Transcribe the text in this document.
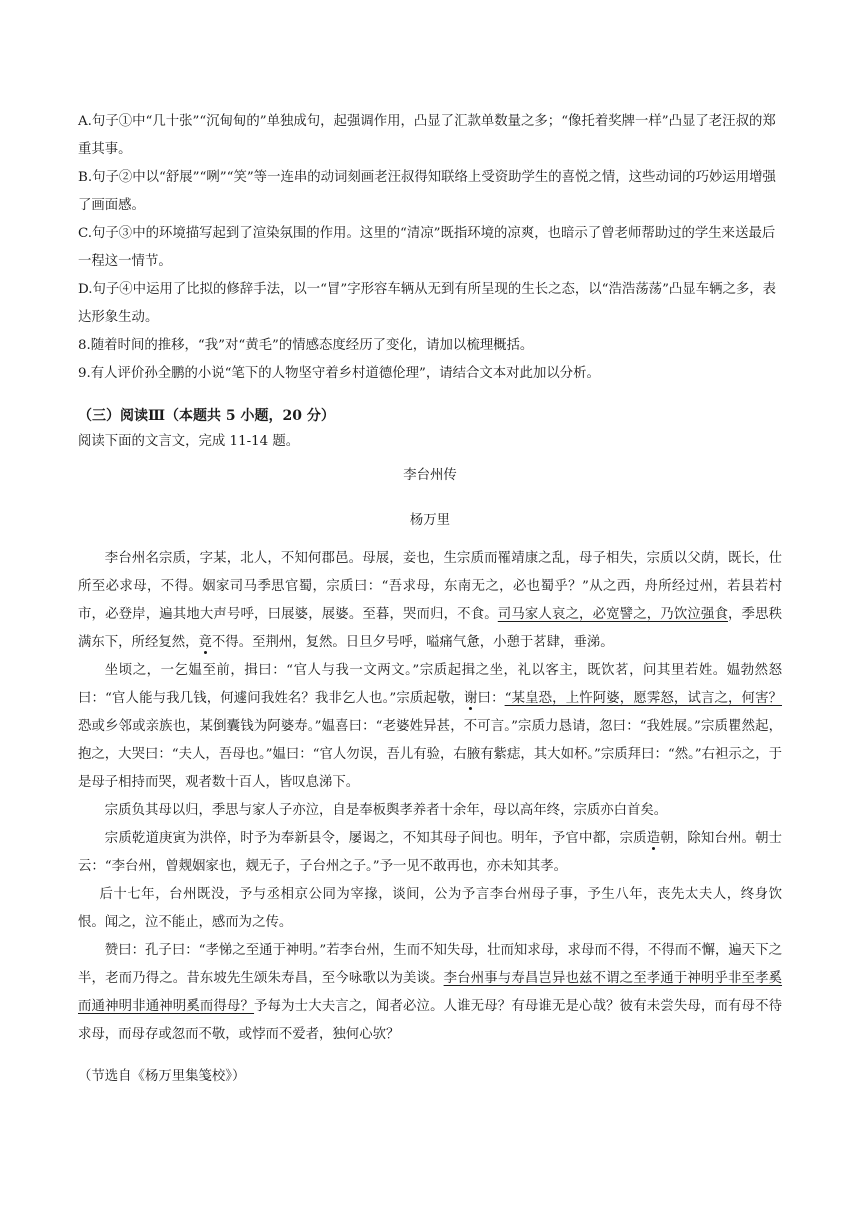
A.句子①中“几十张”“沉甸甸的”单独成句，起强调作用，凸显了汇款单数量之多；“像托着奖牌一样”凸显了老汪叔的郑重其事。

B.句子②中以“舒展”“咧”“笑”等一连串的动词刻画老汪叔得知联络上受资助学生的喜悦之情，这些动词的巧妙运用增强了画面感。

C.句子③中的环境描写起到了渲染氛围的作用。这里的“清凉”既指环境的凉爽，也暗示了曾老师帮助过的学生来送最后一程这一情节。

D.句子④中运用了比拟的修辞手法，以一“冒”字形容车辆从无到有所呈现的生长之态，以“浩浩荡荡”凸显车辆之多，表达形象生动。

8.随着时间的推移，“我”对“黄毛”的情感态度经历了变化，请加以梳理概括。

9.有人评价孙全鹏的小说“笔下的人物坚守着乡村道德伦理”，请结合文本对此加以分析。

（三）阅读Ⅲ（本题共 5 小题，20 分）
阅读下面的文言文，完成 11-14 题。
李台州传
杨万里

李台州名宗质，字某，北人，不知何郡邑。母展，妾也，生宗质而罹靖康之乱，母子相失，宗质以父荫，既长，仕所至必求母，不得。姻家司马季思官蜀，宗质曰：“吾求母，东南无之，必也蜀乎？”从之西，舟所经过州，若县若村市，必登岸，遍其地大声号呼，曰展婆，展婆。至暮，哭而归，不食。司马家人哀之，必宽譬之，乃饮泣强食，季思秩满东下，所经复然，竟不得。至荆州，复然。日旦夕号呼，嗌痛气惫，小憩于茗肆，垂涕。

坐顷之，一乞媪至前，揖曰：“官人与我一文两文。”宗质起揖之坐，礼以客主，既饮茗，问其里若姓。媪勃然怒曰：“官人能与我几钱，何遽问我姓名？我非乞人也。”宗质起敬，谢曰：“某皇恐，上忤阿婆，愿霁怒，试言之，何害？恐或乡邻或亲族也，某倒囊钱为阿婆寿。”媪喜曰：“老婆姓异甚，不可言。”宗质力恳请，忽曰：“我姓展。”宗质瞿然起，抱之，大哭曰：“夫人，吾母也。”媪曰：“官人勿误，吾儿有验，右腋有紫痣，其大如杯。”宗质拜曰：“然。”右袒示之，于是母子相持而哭，观者数十百人，皆叹息涕下。

宗质负其母以归，季思与家人子亦泣，自是奉板舆孝养者十余年，母以高年终，宗质亦白首矣。

宗质乾道庚寅为洪倅，时予为奉新县令，屡谒之，不知其母子间也。明年，予官中都，宗质造朝，除知台州。朝士云：“李台州，曾觌姻家也，觌无子，子台州之子。”予一见不敢再也，亦未知其孝。

后十七年，台州既没，予与丞相京公同为宰掾，谈间，公为予言李台州母子事，予生八年，丧先太夫人，终身饮恨。闻之，泣不能止，感而为之传。

赞曰：孔子曰：“孝悌之至通于神明。”若李台州，生而不知失母，壮而知求母，求母而不得，不得而不懈，遍天下之半，老而乃得之。昔东坡先生颂朱寿昌，至今咏歌以为美谈。李台州事与寿昌岂异也兹不谓之至孝通于神明乎非至孝奚而通神明非通神明奚而得母？予每为士大夫言之，闻者必泣。人谁无母？有母谁无是心哉？彼有未尝失母，而有母不待求母，而母存或忽而不敬，或悖而不爱者，独何心欤？

（节选自《杨万里集笺校》）
